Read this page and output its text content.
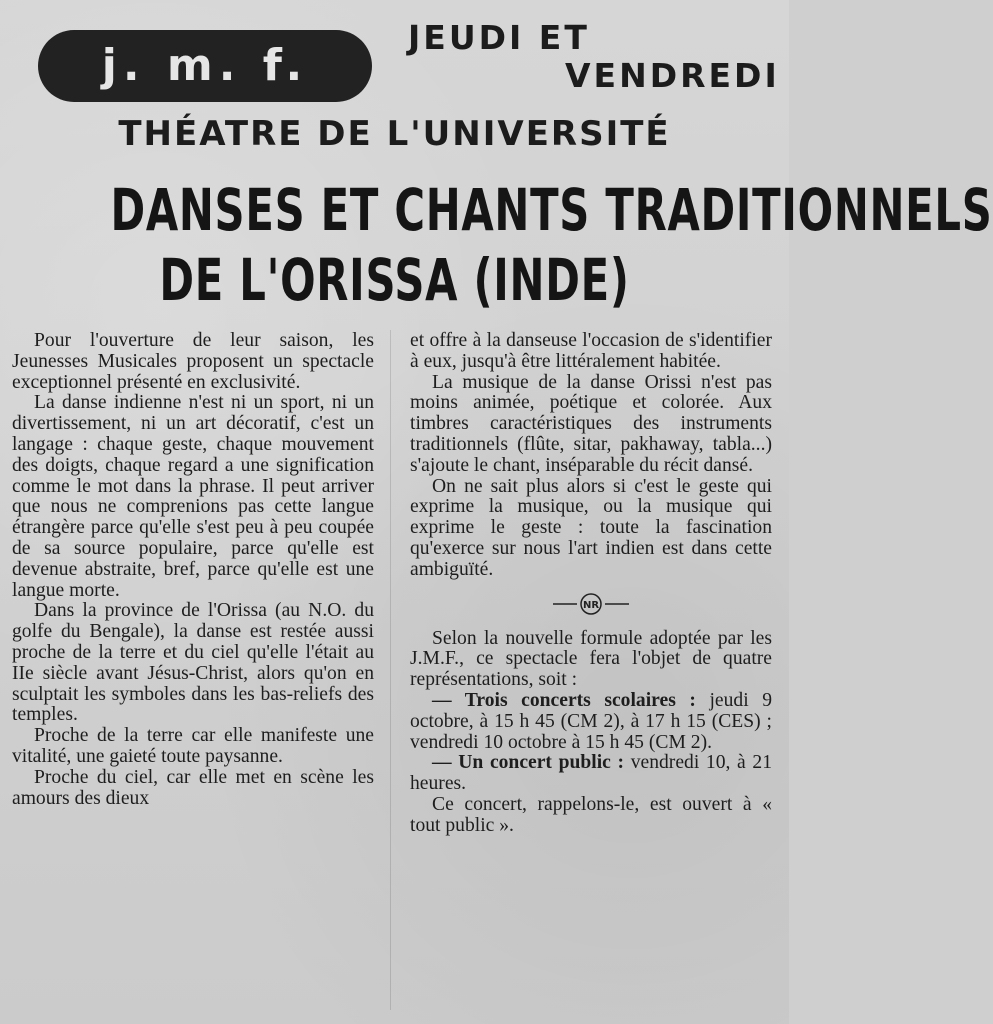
j. m. f.
JEUDI ET
VENDREDI
THÉATRE DE L'UNIVERSITÉ
DANSES ET CHANTS TRADITIONNELS
DE L'ORISSA (INDE)

Pour l'ouverture de leur saison, les Jeunesses Musicales proposent un spectacle exceptionnel présenté en exclusivité.

La danse indienne n'est ni un sport, ni un divertissement, ni un art décoratif, c'est un langage : chaque geste, chaque mouvement des doigts, chaque regard a une signification comme le mot dans la phrase. Il peut arriver que nous ne comprenions pas cette langue étrangère parce qu'elle s'est peu à peu coupée de sa source populaire, parce qu'elle est devenue abstraite, bref, parce qu'elle est une langue morte.

Dans la province de l'Orissa (au N.O. du golfe du Bengale), la danse est restée aussi proche de la terre et du ciel qu'elle l'était au IIe siècle avant Jésus-Christ, alors qu'on en sculptait les symboles dans les bas-reliefs des temples.

Proche de la terre car elle manifeste une vitalité, une gaieté toute paysanne.

Proche du ciel, car elle met en scène les amours des dieux

et offre à la danseuse l'occasion de s'identifier à eux, jusqu'à être littéralement habitée.

La musique de la danse Orissi n'est pas moins animée, poétique et colorée. Aux timbres caractéristiques des instruments traditionnels (flûte, sitar, pakhaway, tabla...) s'ajoute le chant, inséparable du récit dansé.

On ne sait plus alors si c'est le geste qui exprime la musique, ou la musique qui exprime le geste : toute la fascination qu'exerce sur nous l'art indien est dans cette ambiguïté.

NR

Selon la nouvelle formule adoptée par les J.M.F., ce spectacle fera l'objet de quatre représentations, soit :

— Trois concerts scolaires : jeudi 9 octobre, à 15 h 45 (CM 2), à 17 h 15 (CES) ; vendredi 10 octobre à 15 h 45 (CM 2).

— Un concert public : vendredi 10, à 21 heures.

Ce concert, rappelons-le, est ouvert à « tout public ».
